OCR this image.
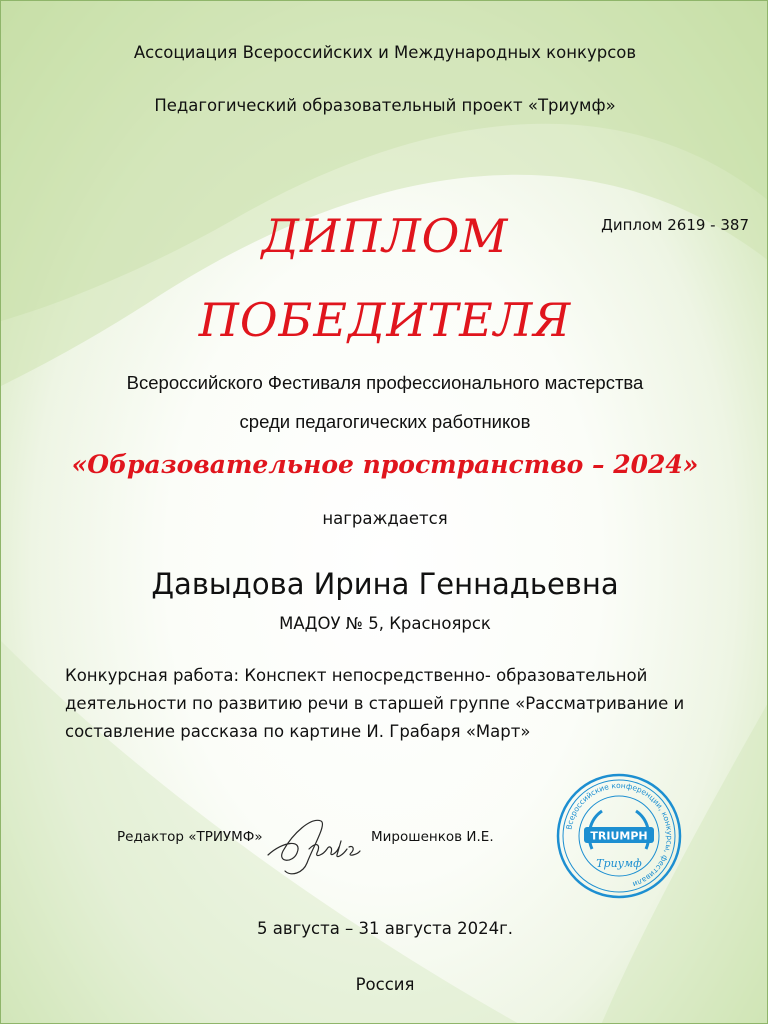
Ассоциация Всероссийских и Международных конкурсов
Педагогический образовательный проект «Триумф»
Диплом 2619 - 387
ДИПЛОМ
ПОБЕДИТЕЛЯ
Всероссийского Фестиваля профессионального мастерства
среди педагогических работников
«Образовательное пространство – 2024»
награждается
Давыдова Ирина Геннадьевна
МАДОУ № 5, Красноярск
Конкурсная работа: Конспект непосредственно- образовательной деятельности по развитию речи в старшей группе «Рассматривание и составление рассказа по картине И. Грабаря «Март»
Редактор «ТРИУМФ»	Мирошенков И.Е.
Всероссийские конференции, конкурсы, фестивали
TRIUMPH
Триумф
5 августа – 31 августа 2024г.
Россия
